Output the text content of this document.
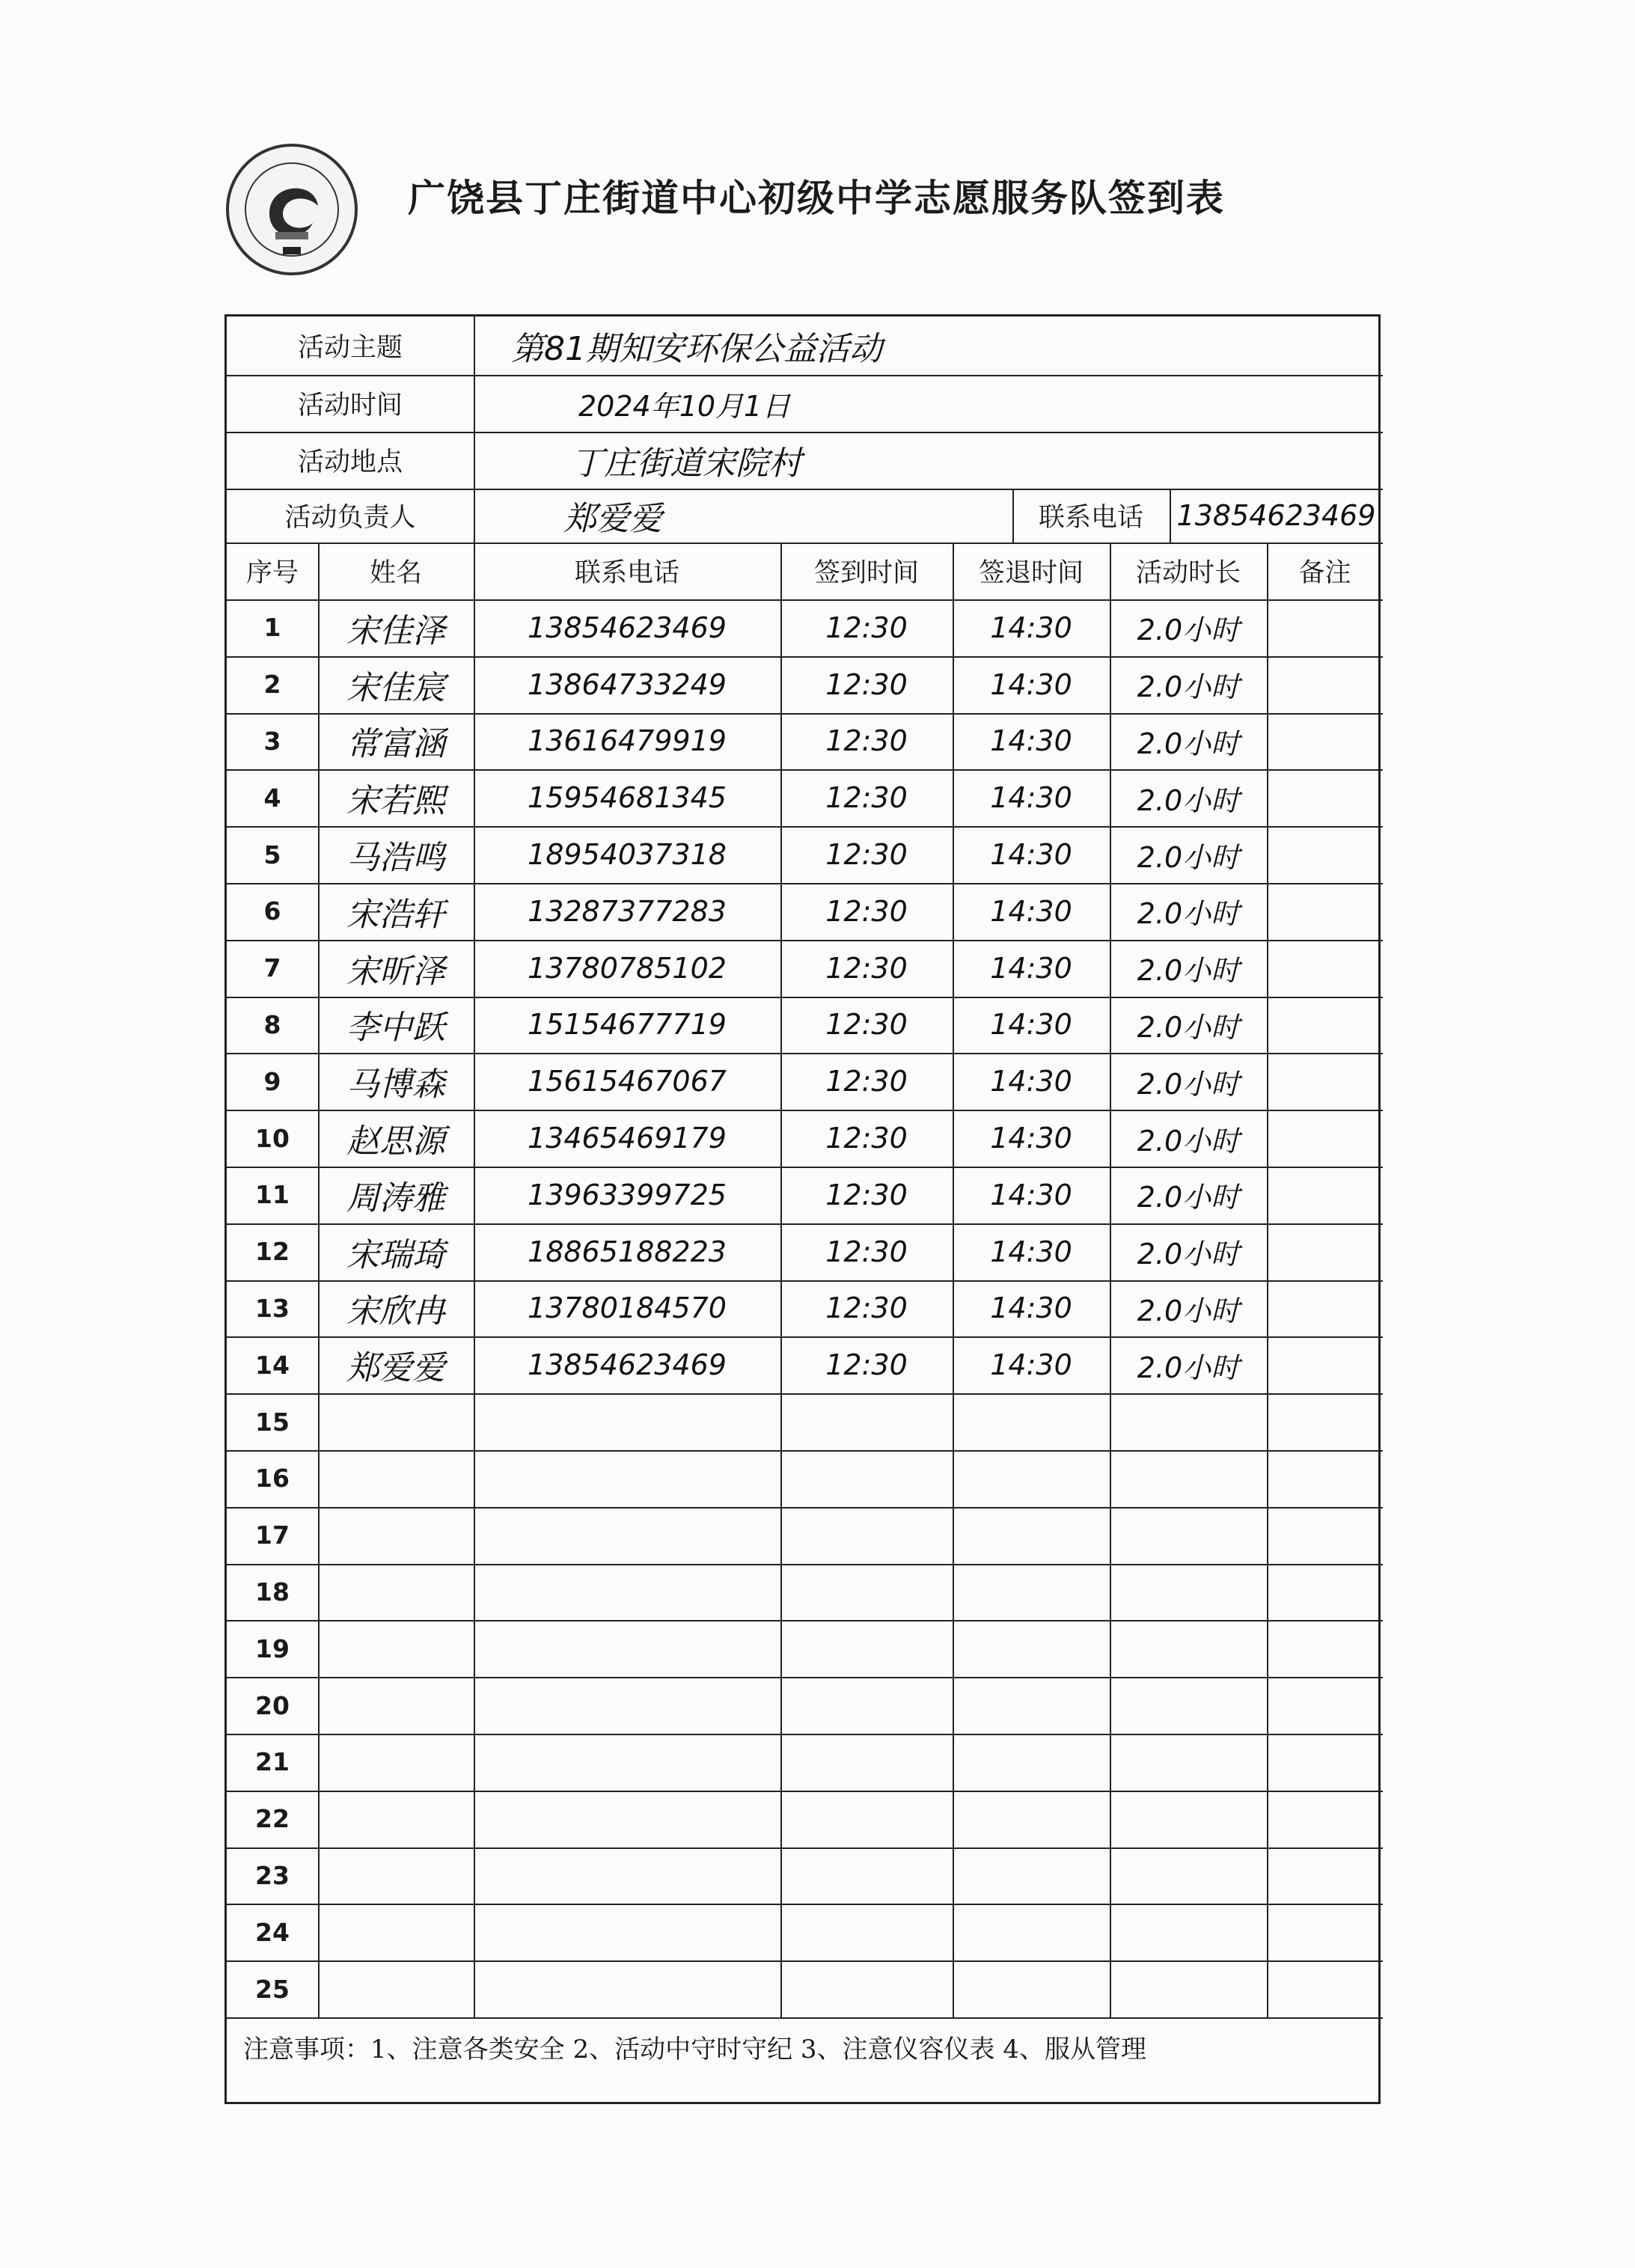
广饶县丁庄街道中心初级中学志愿服务队签到表
活动主题	第81期知安环保公益活动
活动时间	2024年10月1日
活动地点	丁庄街道宋院村
活动负责人	郑爱爱	联系电话	13854623469
序号	姓名	联系电话	签到时间	签退时间	活动时长	备注
1	宋佳泽	13854623469	12:30	14:30	2.0小时
2	宋佳宸	13864733249	12:30	14:30	2.0小时
3	常富涵	13616479919	12:30	14:30	2.0小时
4	宋若熙	15954681345	12:30	14:30	2.0小时
5	马浩鸣	18954037318	12:30	14:30	2.0小时
6	宋浩轩	13287377283	12:30	14:30	2.0小时
7	宋昕泽	13780785102	12:30	14:30	2.0小时
8	李中跃	15154677719	12:30	14:30	2.0小时
9	马博森	15615467067	12:30	14:30	2.0小时
10	赵思源	13465469179	12:30	14:30	2.0小时
11	周涛雅	13963399725	12:30	14:30	2.0小时
12	宋瑞琦	18865188223	12:30	14:30	2.0小时
13	宋欣冉	13780184570	12:30	14:30	2.0小时
14	郑爱爱	13854623469	12:30	14:30	2.0小时
15
16
17
18
19
20
21
22
23
24
25
注意事项：1、注意各类安全 2、活动中守时守纪 3、注意仪容仪表 4、服从管理
